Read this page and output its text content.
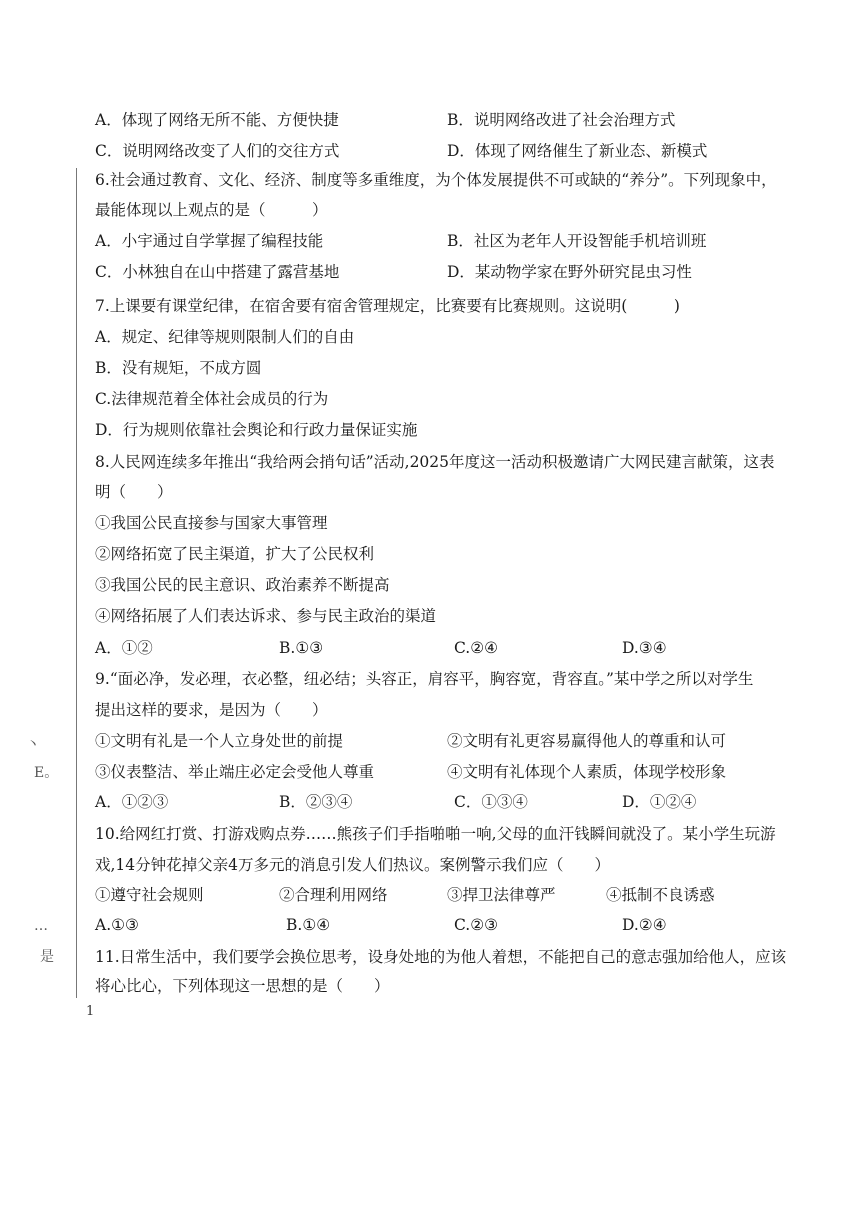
丶
E。
…
是
A．体现了网络无所不能、方便快捷	B．说明网络改进了社会治理方式
C．说明网络改变了人们的交往方式	D．体现了网络催生了新业态、新模式
6.社会通过教育、文化、经济、制度等多重维度，为个体发展提供不可或缺的“养分”。下列现象中，
最能体现以上观点的是（　　　）
A．小宇通过自学掌握了编程技能	B．社区为老年人开设智能手机培训班
C．小林独自在山中搭建了露营基地	D．某动物学家在野外研究昆虫习性
7.上课要有课堂纪律，在宿舍要有宿舍管理规定，比赛要有比赛规则。这说明(　　　)
A．规定、纪律等规则限制人们的自由
B．没有规矩，不成方圆
C.法律规范着全体社会成员的行为
D．行为规则依靠社会舆论和行政力量保证实施
8.人民网连续多年推出“我给两会捎句话”活动,2025年度这一活动积极邀请广大网民建言献策，这表
明（　　）
①我国公民直接参与国家大事管理
②网络拓宽了民主渠道，扩大了公民权利
③我国公民的民主意识、政治素养不断提高
④网络拓展了人们表达诉求、参与民主政治的渠道
A．①②	B.①③	C.②④	D.③④
9.“面必净，发必理，衣必整，纽必结；头容正，肩容平，胸容宽，背容直。”某中学之所以对学生
提出这样的要求，是因为（　　）
①文明有礼是一个人立身处世的前提	②文明有礼更容易赢得他人的尊重和认可
③仪表整洁、举止端庄必定会受他人尊重	④文明有礼体现个人素质，体现学校形象
A．①②③	B．②③④	C．①③④	D．①②④
10.给网红打赏、打游戏购点券……熊孩子们手指啪啪一响,父母的血汗钱瞬间就没了。某小学生玩游
戏,14分钟花掉父亲4万多元的消息引发人们热议。案例警示我们应（　　）
①遵守社会规则	②合理利用网络	③捍卫法律尊严	④抵制不良诱惑
A.①③	B.①④	C.②③	D.②④
11.日常生活中，我们要学会换位思考，设身处地的为他人着想，不能把自己的意志强加给他人，应该
将心比心，下列体现这一思想的是（　　）
1
